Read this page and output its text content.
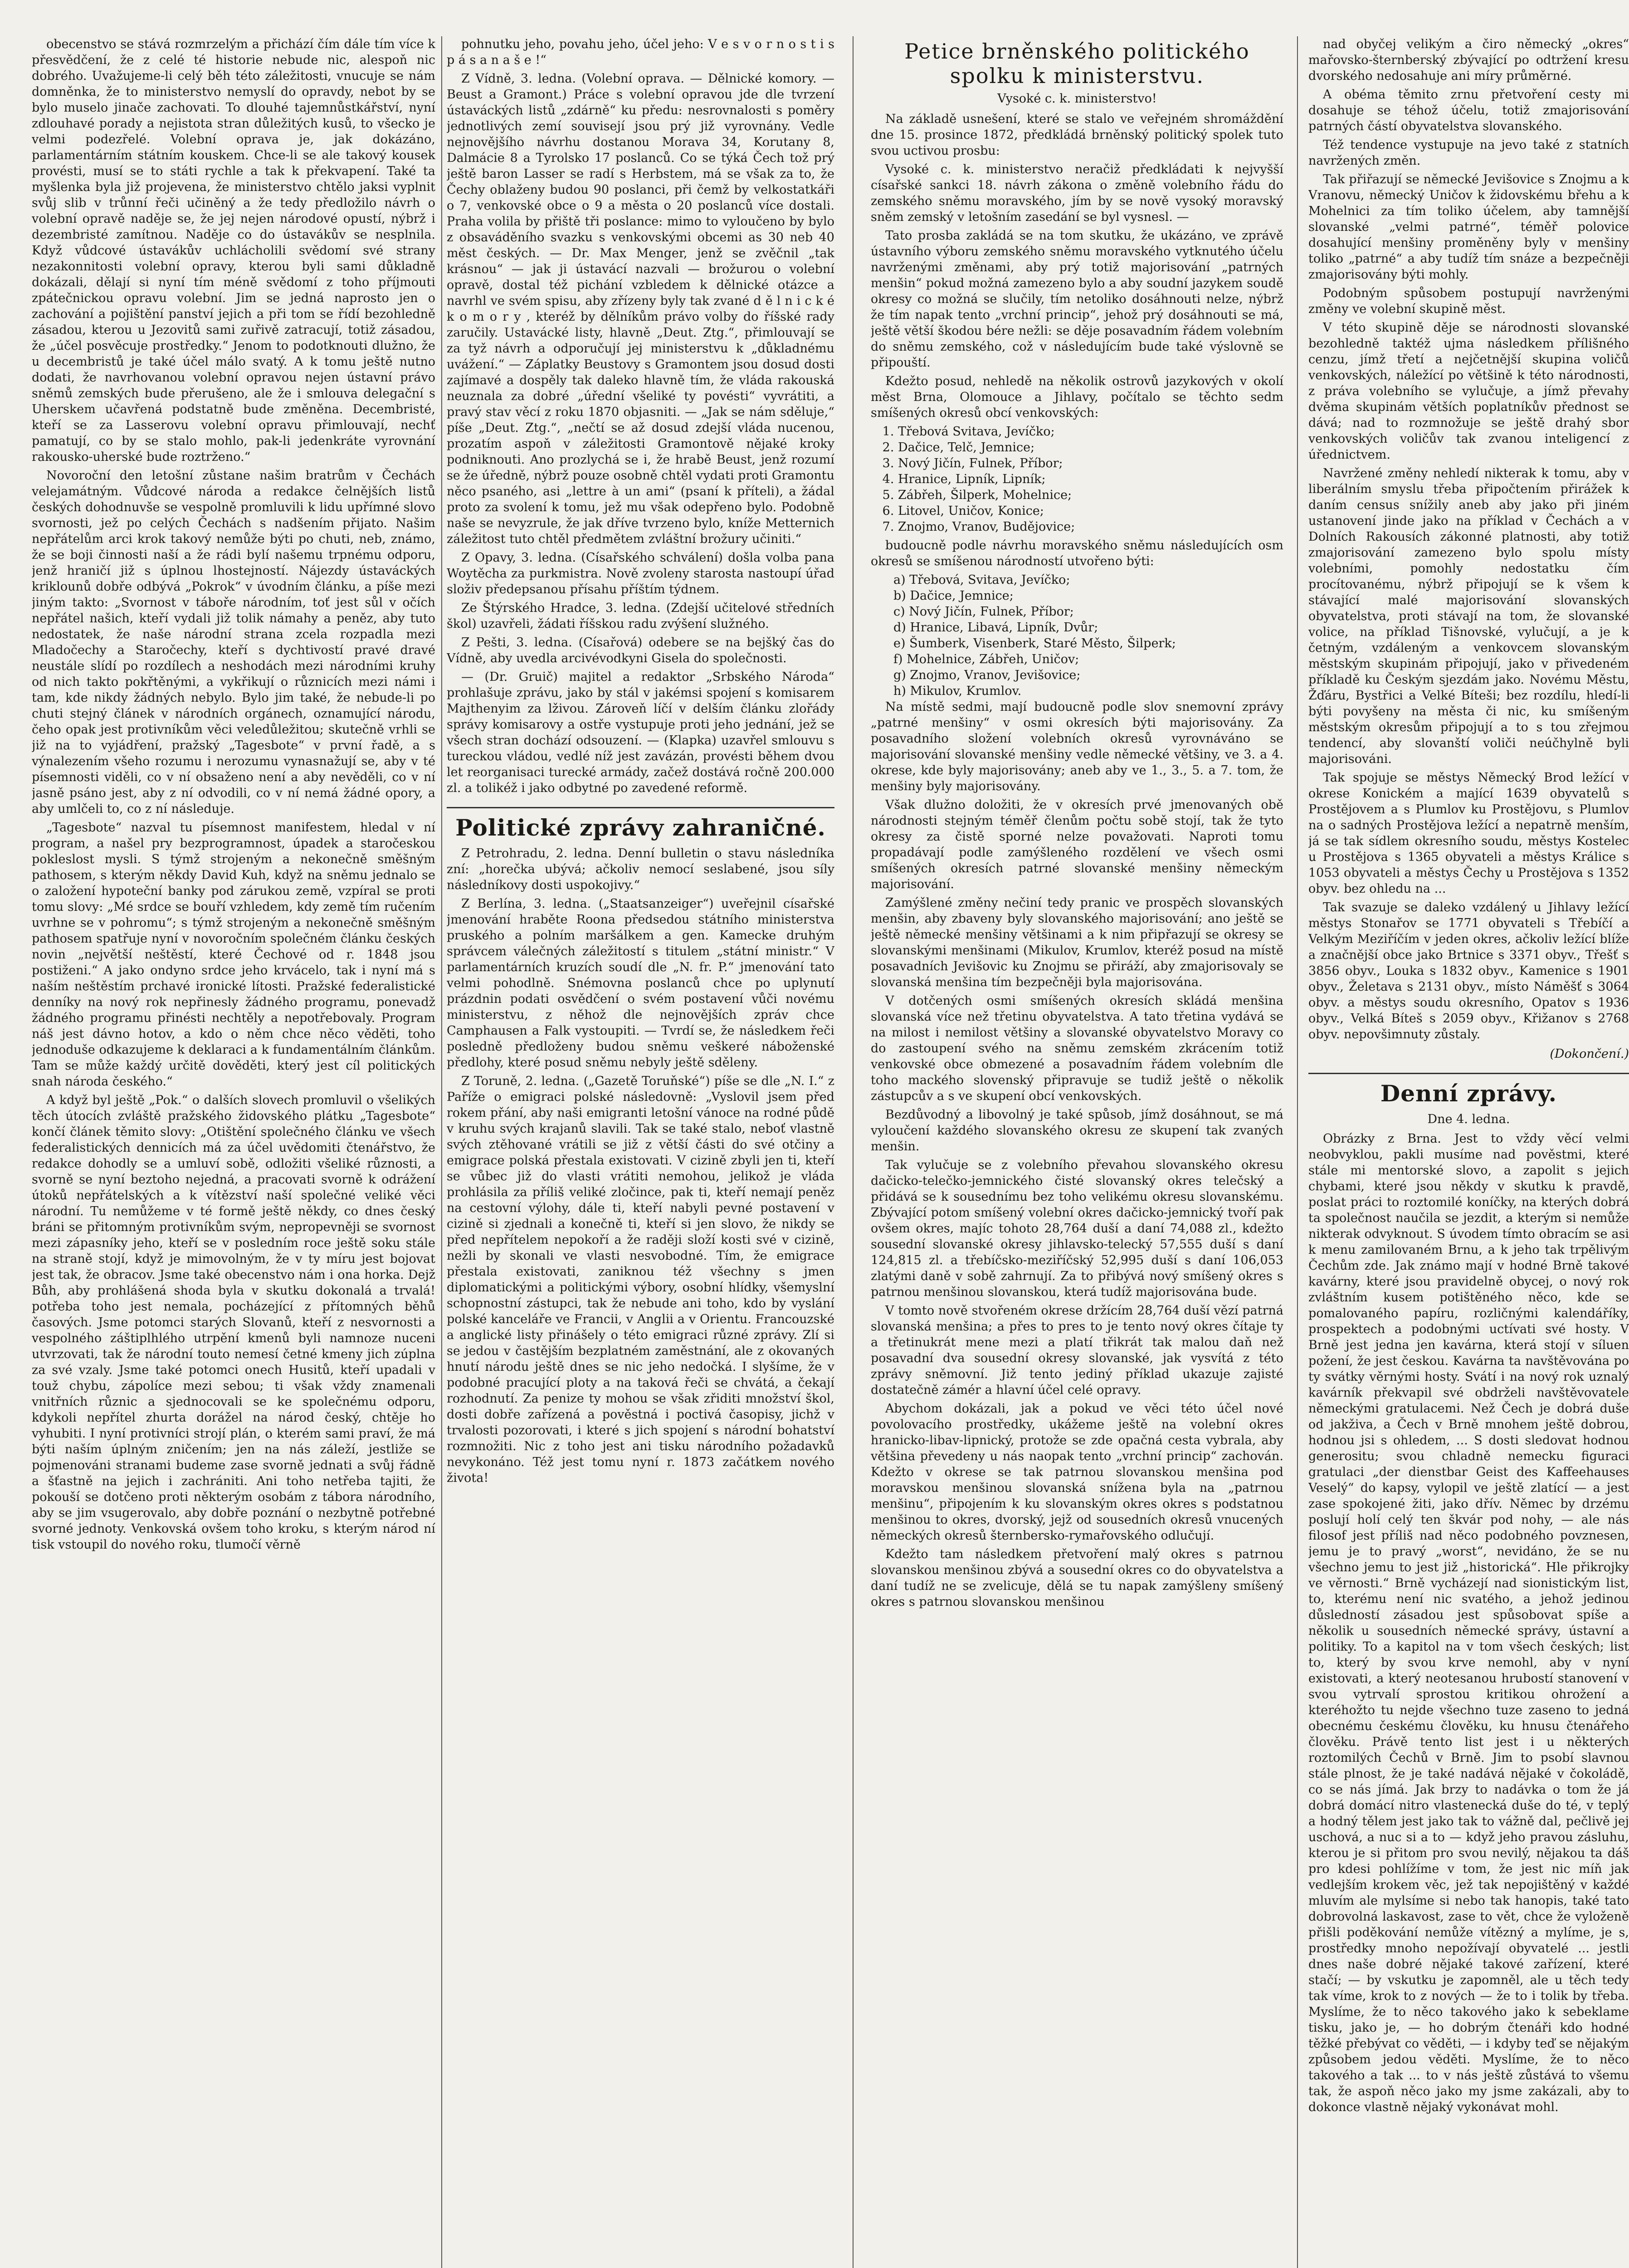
obecenstvo se stává rozmrzelým a přichází čím dále tím více k přesvědčení, že z celé té historie nebude nic, alespoň nic dobrého. Uvažujeme-li celý běh této záležitosti, vnucuje se nám domněnka, že to ministerstvo nemyslí do opravdy, nebot by se bylo muselo jinače zachovati. To dlouhé tajemnůstkářství, nyní zdlouhavé porady a nejistota stran důležitých kusů, to všecko je velmi podezřelé. Volební oprava je, jak dokázáno, parlamentárním státním kouskem. Chce-li se ale takový kousek provésti, musí se to státi rychle a tak k překvapení. Také ta myšlenka byla již projevena, že ministerstvo chtělo jaksi vyplnit svůj slib v trůnní řeči učiněný a že tedy předložilo návrh o volební opravě naděje se, že jej nejen národové opustí, nýbrž i dezembristé zamítnou. Naděje co do ústavákův se nesplnila. Když vůdcové ústavákův uchlácholili svědomí své strany nezakonnitosti volební opravy, kterou byli sami důkladně dokázali, dělají si nyní tím méně svědomí z toho příjmouti zpátečnickou opravu volební. Jim se jedná naprosto jen o zachování a pojištění panství jejich a při tom se řídí bezohledně zásadou, kterou u Jezovitů sami zuřivě zatracují, totiž zásadou, že „účel posvěcuje prostředky.“ Jenom to podotknouti dlužno, že u decembristů je také účel málo svatý. A k tomu ještě nutno dodati, že navrhovanou volební opravou nejen ústavní právo sněmů zemských bude přerušeno, ale že i smlouva delegační s Uherskem učavřená podstatně bude změněna. Decembristé, kteří se za Lasserovu volební opravu přimlouvají, nechť pamatují, co by se stalo mohlo, pak-li jedenkráte vyrovnání rakousko-uherské bude roztrženo.“

Novoroční den letošní zůstane našim bratrům v Čechách velejamátným. Vůdcové národa a redakce čelnějších listů českých dohodnuvše se vespolně promluvili k lidu upřímné slovo svornosti, jež po celých Čechách s nadšením přijato. Našim nepřátelům arci krok takový nemůže býti po chuti, neb, známo, že se boji činnosti naší a že rádi bylí našemu trpnému odporu, jenž hraničí již s úplnou lhostejností. Nájezdy ústaváckých kriklounů dobře odbývá „Pokrok“ v úvodním článku, a píše mezi jiným takto: „Svornost v táboře národním, toť jest sůl v očích nepřátel našich, kteří vydali již tolik námahy a peněz, aby tuto nedostatek, že naše národní strana zcela rozpadla mezi Mladočechy a Staročechy, kteří s dychtivostí pravé dravé neustále slídí po rozdílech a neshodách mezi národními kruhy od nich takto pokřtěnými, a vykřikují o různicích mezi námi i tam, kde nikdy žádných nebylo. Bylo jim také, že nebude-li po chuti stejný článek v národních orgánech, oznamující národu, čeho opak jest protivníkům věci veledůležitou; skutečně vrhli se již na to vyjádření, pražský „Tagesbote“ v první řadě, a s výnalezením všeho rozumu i nerozumu vynasnažují se, aby v té písemnosti viděli, co v ní obsaženo není a aby nevěděli, co v ní jasně psáno jest, aby z ní odvodili, co v ní nemá žádné opory, a aby umlčeli to, co z ní následuje.

„Tagesbote“ nazval tu písemnost manifestem, hledal v ní program, a našel pry bezprogramnost, úpadek a staročeskou pokleslost mysli. S týmž strojeným a nekonečně směšným pathosem, s kterým někdy David Kuh, když na sněmu jednalo se o založení hypoteční banky pod zárukou země, vzpíral se proti tomu slovy: „Mé srdce se bouří vzhledem, kdy země tím ručením uvrhne se v pohromu“; s týmž strojeným a nekonečně směšným pathosem spatřuje nyní v novoročním společném článku českých novin „největší neštěstí, které Čechové od r. 1848 jsou postiženi.“ A jako ondyno srdce jeho krvácelo, tak i nyní má s naším neštěstím prchavé ironické lítosti. Pražské federalistické denníky na nový rok nepřinesly žádného programu, ponevadž žádného programu přinésti nechtěly a nepotřebovaly. Program náš jest dávno hotov, a kdo o něm chce něco věděti, toho jednoduše odkazujeme k deklaraci a k fundamentálním článkům. Tam se může každý určitě dověděti, který jest cíl politických snah národa českého.“

A když byl ještě „Pok.“ o dalších slovech promluvil o všelikých těch útocích zvláště pražského židovského plátku „Tagesbote“ končí článek těmito slovy: „Otištění společného článku ve všech federalistických dennicích má za účel uvědomiti čtenářstvo, že redakce dohodly se a umluví sobě, odložiti všeliké různosti, a svorně se nyní beztoho nejedná, a pracovati svorně k odrážení útoků nepřátelských a k vítězství naší společné veliké věci národní. Tu nemůžeme v té formě ještě někdy, co dnes český bráni se přitomným protivníkům svým, nepropevněji se svornost mezi zápasníky jeho, kteří se v posledním roce ještě soku stále na straně stojí, když je mimovolným, že v ty míru jest bojovat jest tak, že obracov. Jsme také obecenstvo nám i ona horka. Dejž Bůh, aby prohlášená shoda byla v skutku dokonalá a trvalá! potřeba toho jest nemala, pocházející z přítomných běhů časových. Jsme potomci starých Slovanů, kteří z nesvornosti a vespolného záštiplhlého utrpění kmenů byli namnoze nuceni utvrzovati, tak že národní touto nemesí četné kmeny jich zúplna za své vzaly. Jsme také potomci onech Husitů, kteří upadali v touž chybu, zápolíce mezi sebou; ti však vždy znamenali vnitřních různic a sjednocovali se ke společnému odporu, kdykoli nepřítel zhurta dorážel na národ český, chtěje ho vyhubiti. I nyní protivníci strojí plán, o kterém sami praví, že má býti naším úplným zničením; jen na nás záleží, jestliže se pojmenováni stranami budeme zase svorně jednati a svůj řádně a šťastně na jejich i zachrániti. Ani toho netřeba tajiti, že pokouší se dotčeno proti některým osobám z tábora národního, aby se jim vsugerovalo, aby dobře poznání o nezbytně potřebné svorné jednoty. Venkovská ovšem toho kroku, s kterým národ ní tisk vstoupil do nového roku, tlumočí věrně

pohnutku jeho, povahu jeho, účel jeho: V e s v o r n o s t i s p á s a n a š e !“

Z Vídně, 3. ledna. (Volební oprava. — Dělnické komory. — Beust a Gramont.) Práce s volební opravou jde dle tvrzení ústaváckých listů „zdárně“ ku předu: nesrovnalosti s poměry jednotlivých zemí souvisejí jsou prý již vyrovnány. Vedle nejnovějšího návrhu dostanou Morava 34, Korutany 8, Dalmácie 8 a Tyrolsko 17 poslanců. Co se týká Čech tož prý ještě baron Lasser se radí s Herbstem, má se však za to, že Čechy oblaženy budou 90 poslanci, při čemž by velkostatkáři o 7, venkovské obce o 9 a města o 20 poslanců více dostali. Praha volila by přiště tři poslance: mimo to vyloučeno by bylo z obsaváděního svazku s venkovskými obcemi as 30 neb 40 měst českých. — Dr. Max Menger, jenž se zvěčnil „tak krásnou“ — jak ji ústavácí nazvali — brožurou o volební opravě, dostal též pichání vzbledem k dělnické otázce a navrhl ve svém spisu, aby zřízeny byly tak zvané d ě l n i c k é k o m o r y , kteréž by dělníkům právo volby do říšské rady zaručily. Ustavácké listy, hlavně „Deut. Ztg.“, přimlouvají se za tyž návrh a odporučují jej ministerstvu k „důkladnému uvážení.“ — Záplatky Beustovy s Gramontem jsou dosud dosti zajímavé a dospěly tak daleko hlavně tím, že vláda rakouská neuznala za dobré „úřední všeliké ty povésti“ vyvrátiti, a pravý stav věcí z roku 1870 objasniti. — „Jak se nám sděluje,“ píše „Deut. Ztg.“, „nečtí se až dosud zdejší vláda nucenou, prozatím aspoň v záležitosti Gramontově nějaké kroky podniknouti. Ano prozlychá se i, že hrabě Beust, jenž rozumí se že úředně, nýbrž pouze osobně chtěl vydati proti Gramontu něco psaného, asi „lettre à un ami“ (psaní k příteli), a žádal proto za svolení k tomu, jež mu však odepřeno bylo. Podobně naše se nevyzrule, že jak dříve tvrzeno bylo, kníže Metternich záležitost tuto chtěl předmětem zvláštní brožury učiniti.“

Z Opavy, 3. ledna. (Císařského schválení) došla volba pana Woytěcha za purkmistra. Nově zvoleny starosta nastoupí úřad složiv předepsanou přísahu příštím týdnem.

Ze Štýrského Hradce, 3. ledna. (Zdejší učitelové středních škol) uzavřeli, žádati říšskou radu zvýšení služného.

Z Pešti, 3. ledna. (Císařová) odebere se na bejšký čas do Vídně, aby uvedla arcivévodkyni Gisela do společnosti.

— (Dr. Gruič) majitel a redaktor „Srbského Národa“ prohlašuje zprávu, jako by stál v jakémsi spojení s komisarem Majthenyim za lživou. Zároveň líčí v delším článku zlořády správy komisarovy a ostře vystupuje proti jeho jednání, jež se všech stran dochází odsouzení. — (Klapka) uzavřel smlouvu s tureckou vládou, vedlé níž jest zavázán, provésti během dvou let reorganisaci turecké armády, začež dostává ročně 200.000 zl. a tolikéž i jako odbytné po zavedené reformě.

Politické zprávy zahraničné.

Z Petrohradu, 2. ledna. Denní bulletin o stavu následníka zní: „horečka ubývá; ačkoliv nemocí seslabené, jsou síly následníkovy dosti uspokojivy.“

Z Berlína, 3. ledna. („Staatsanzeiger“) uveřejnil císařské jmenování hraběte Roona předsedou státního ministerstva pruského a polním maršálkem a gen. Kamecke druhým správcem válečných záležitostí s titulem „státní ministr.“ V parlamentárních kruzích soudí dle „N. fr. P.“ jmenování tato velmi pohodlně. Snémovna poslanců chce po uplynutí prázdnin podati osvědčení o svém postavení vůči novému ministerstvu, z něhož dle nejnovějších zpráv chce Camphausen a Falk vystoupiti. — Tvrdí se, že následkem řeči posledně předloženy budou sněmu veškeré náboženské předlohy, které posud sněmu nebyly ještě sděleny.

Z Toruně, 2. ledna. („Gazetě Toruňské“) píše se dle „N. I.“ z Paříže o emigraci polské následovně: „Vyslovil jsem před rokem přání, aby naši emigranti letošní vánoce na rodné půdě v kruhu svých krajanů slavili. Tak se také stalo, neboť vlastně svých ztěhované vrátili se již z větší části do své otčiny a emigrace polská přestala existovati. V cizině zbyli jen ti, kteří se vůbec již do vlasti vrátiti nemohou, jelikož je vláda prohlásila za příliš veliké zločince, pak ti, kteří nemají peněz na cestovní výlohy, dále ti, kteří nabyli pevné postavení v cizině si zjednali a konečně ti, kteří si jen slovo, že nikdy se před nepřítelem nepokoří a že raději složí kosti své v cizině, nežli by skonali ve vlasti nesvobodné. Tím, že emigrace přestala existovati, zaniknou též všechny s jmen diplomatickými a politickými výbory, osobní hlídky, všemyslní schopnostní zástupci, tak že nebude ani toho, kdo by vyslání polské kanceláře ve Francii, v Anglii a v Orientu. Francouzské a anglické listy přinášely o této emigraci různé zprávy. Zlí si se jedou v častějším bezplatném zaměstnání, ale z okovaných hnutí národu ještě dnes se nic jeho nedočká. I slyšíme, že v podobné pracující ploty a na taková řeči se chvátá, a čekají rozhodnutí. Za penize ty mohou se však zřiditi množství škol, dosti dobře zařízená a pověstná i poctivá časopisy, jichž v trvalosti pozorovati, i které s jich spojení s národní bohatství rozmnožiti. Nic z toho jest ani tisku národního požadavků nevykonáno. Též jest tomu nyní r. 1873 začátkem nového života!

Petice brněnského politického spolku k ministerstvu.
Vysoké c. k. ministerstvo!

Na základě usnešení, které se stalo ve veřejném shromáždění dne 15. prosince 1872, předkládá brněnský politický spolek tuto svou uctivou prosbu:

Vysoké c. k. ministerstvo neračiž předkládati k nejvyšší císařské sankci 18. návrh zákona o změně volebního řádu do zemského sněmu moravského, jím by se nově vysoký moravský sněm zemský v letošním zasedání se byl vysnesl. —

Tato prosba zakládá se na tom skutku, že ukázáno, ve zprávě ústavního výboru zemského sněmu moravského vytknutého účelu navrženými změnami, aby prý totiž majorisování „patrných menšin“ pokud možná zamezeno bylo a aby soudní jazykem soudě okresy co možná se slučily, tím netoliko dosáhnouti nelze, nýbrž že tím napak tento „vrchní princip“, jehož prý dosáhnouti se má, ještě větší škodou bére nežli: se děje posavadním řádem volebním do sněmu zemského, což v následujícím bude také výslovně se připouští.

Kdežto posud, nehledě na několik ostrovů jazykových v okolí měst Brna, Olomouce a Jihlavy, počítalo se těchto sedm smíšených okresů obcí venkovských:

1. Třebová Svitava, Jevíčko;
2. Dačice, Telč, Jemnice;
3. Nový Jičín, Fulnek, Příbor;
4. Hranice, Lipník, Lipník;
5. Zábřeh, Šilperk, Mohelnice;
6. Litovel, Uničov, Konice;
7. Znojmo, Vranov, Budějovice;

budoucně podle návrhu moravského sněmu následujících osm okresů se smíšenou národností utvořeno býti:

a) Třebová, Svitava, Jevíčko;
b) Dačice, Jemnice;
c) Nový Jičín, Fulnek, Příbor;
d) Hranice, Libavá, Lipník, Dvůr;
e) Šumberk, Visenberk, Staré Město, Šilperk;
f) Mohelnice, Zábřeh, Uničov;
g) Znojmo, Vranov, Jevišovice;
h) Mikulov, Krumlov.

Na místě sedmi, mají budoucně podle slov snemovní zprávy „patrné menšiny“ v osmi okresích býti majorisovány. Za posavadního složení volebních okresů vyrovnáváno se majorisování slovanské menšiny vedle německé většiny, ve 3. a 4. okrese, kde byly majorisovány; aneb aby ve 1., 3., 5. a 7. tom, že menšiny byly majorisovány.

Však dlužno doložiti, že v okresích prvé jmenovaných obě národnosti stejným téměř členům počtu sobě stojí, tak že tyto okresy za čistě sporné nelze považovati. Naproti tomu propadávají podle zamýšleného rozdělení ve všech osmi smíšených okresích patrné slovanské menšiny německým majorisování.

Zamýšlené změny nečiní tedy pranic ve prospěch slovanských menšin, aby zbaveny byly slovanského majorisování; ano ještě se ještě německé menšiny většinami a k nim připřazují se okresy se slovanskými menšinami (Mikulov, Krumlov, kteréž posud na místě posavadních Jevišovic ku Znojmu se přiráží, aby zmajorisovaly se slovanská menšina tím bezpečněji byla majorisována.

V dotčených osmi smíšených okresích skládá menšina slovanská více než třetinu obyvatelstva. A tato třetina vydává se na milost i nemilost většiny a slovanské obyvatelstvo Moravy co do zastoupení svého na sněmu zemském zkrácením totiž venkovské obce obmezené a posavadním řádem volebním dle toho mackého slovenský připravuje se tudiž ještě o několik zástupcův a s ve skupení obcí venkovských.

Bezdůvodný a libovolný je také spůsob, jímž dosáhnout, se má vyloučení každého slovanského okresu ze skupení tak zvaných menšin.

Tak vylučuje se z volebního převahou slovanského okresu dačicko-telečko-jemnického čisté slovanský okres telečský a přidává se k sousednímu bez toho velikému okresu slovanskému. Zbývající potom smíšený volební okres dačicko-jemnický tvoří pak ovšem okres, majíc tohoto 28,764 duší a daní 74,088 zl., kdežto sousední slovanské okresy jihlavsko-telecký 57,555 duší s daní 124,815 zl. a třebíčsko-meziříčský 52,995 duší s daní 106,053 zlatými daně v sobě zahrnují. Za to přibývá nový smíšený okres s patrnou menšinou slovanskou, která tudíž majorisována bude.

V tomto nově stvořeném okrese držícím 28,764 duší vězí patrná slovanská menšina; a přes to pres to je tento nový okres čítaje ty a třetinukrát mene mezi a platí třikrát tak malou daň než posavadní dva sousední okresy slovanské, jak vysvítá z této zprávy sněmovní. Již tento jediný příklad ukazuje zajisté dostatečně zámér a hlavní účel celé opravy.

Abychom dokázali, jak a pokud ve věci této účel nové povolovacího prostředky, ukážeme ještě na volební okres hranicko-libav-lipnický, protože se zde opačná cesta vybrala, aby většina převedeny u nás naopak tento „vrchní princip“ zachován. Kdežto v okrese se tak patrnou slovanskou menšina pod moravskou menšinou slovanská snížena byla na „patrnou menšinu“, připojením k ku slovanským okres okres s podstatnou menšinou to okres, dvorský, jejž od sousedních okresů vnucených německých okresů šternbersko-rymařovského odlučují.

Kdežto tam následkem přetvoření malý okres s patrnou slovanskou menšinou zbývá a sousední okres co do obyvatelstva a daní tudíž ne se zvelicuje, dělá se tu napak zamýšleny smíšený okres s patrnou slovanskou menšinou

nad obyčej velikým a čiro německý „okres“ mařovsko-šternberský zbývající po odtržení kresu dvorského nedosahuje ani míry průměrné.

A obéma těmito zrnu přetvoření cesty mi dosahuje se téhož účelu, totiž zmajorisování patrných částí obyvatelstva slovanského.

Též tendence vystupuje na jevo také z statních navržených změn.

Tak přiřazují se německé Jevišovice s Znojmu a k Vranovu, německý Uničov k židovskému břehu a k Mohelnici za tím toliko účelem, aby tamnější slovanské „velmi patrné“, téměř polovice dosahující menšiny proměněny byly v menšiny toliko „patrné“ a aby tudíž tím snáze a bezpečněji zmajorisovány býti mohly.

Podobným spůsobem postupují navrženými změny ve volební skupině měst.

V této skupině děje se národnosti slovanské bezohledně taktéž ujma následkem přílišného cenzu, jímž třetí a nejčetnější skupina voličů venkovských, náležící po většině k této národnosti, z práva volebního se vylučuje, a jímž převahy dvěma skupinám větších poplatníkův přednost se dává; nad to rozmnožuje se ještě drahý sbor venkovských voličův tak zvanou inteligencí z úřednictvem.

Navržené změny nehledí nikterak k tomu, aby v liberálním smyslu třeba připočtením přirážek k daním census snížily aneb aby jako při jiném ustanovení jinde jako na příklad v Čechách a v Dolních Rakousích zákonné platnosti, aby totiž zmajorisování zamezeno bylo spolu místy volebními, pomohly nedostatku čím procítovanému, nýbrž připojují se k všem k stávající malé majorisování slovanských obyvatelstva, proti stávají na tom, že slovanské volice, na příklad Tišnovské, vylučují, a je k četným, vzdáleným a venkovcem slovanským městským skupinám připojují, jako v přivedeném příkladě ku Českým sjezdám jako. Novému Městu, Žďáru, Bystřici a Velké Bíteši; bez rozdílu, hledí-li býti povyšeny na města či nic, ku smíšeným městským okresům připojují a to s tou zřejmou tendencí, aby slovanští voliči neúčhylně byli majorisováni.

Tak spojuje se městys Německý Brod ležící v okrese Konickém a mající 1639 obyvatelů s Prostějovem a s Plumlov ku Prostějovu, s Plumlov na o sadných Prostějova ležící a nepatrně menším, já se tak sídlem okresního soudu, městys Kostelec u Prostějova s 1365 obyvateli a městys Králice s 1053 obyvateli a městys Čechy u Prostějova s 1352 obyv. bez ohledu na ...

Tak svazuje se daleko vzdálený u Jihlavy ležící městys Stonařov se 1771 obyvateli s Třebíčí a Velkým Meziříčím v jeden okres, ačkoliv ležící blíže a značnější obce jako Brtnice s 3371 obyv., Třešť s 3856 obyv., Louka s 1832 obyv., Kamenice s 1901 obyv., Želetava s 2131 obyv., místo Náměšť s 3064 obyv. a městys soudu okresního, Opatov s 1936 obyv., Velká Bíteš s 2059 obyv., Křižanov s 2768 obyv. nepovšimnuty zůstaly.

(Dokončení.)
Denní zprávy.
Dne 4. ledna.

Obrázky z Brna. Jest to vždy věcí velmi neobvyklou, pakli musíme nad pověstmi, které stále mi mentorské slovo, a zapolit s jejich chybami, které jsou někdy v skutku k pravdě, poslat práci to roztomilé koníčky, na kterých dobrá ta společnost naučila se jezdit, a kterým si nemůže nikterak odvyknout. S úvodem tímto obracím se asi k menu zamilovaném Brnu, a k jeho tak trpělivým Čechům zde. Jak známo mají v hodné Brně takové kavárny, které jsou pravidelně obycej, o nový rok zvláštním kusem potištěného něco, kde se pomalovaného papíru, rozličnými kalendáříky, prospektech a podobnými uctívati své hosty. V Brně jest jedna jen kavárna, která stojí v síluen požení, že jest českou. Kavárna ta navštěvována po ty svátky věrnými hosty. Svátí i na nový rok uznalý kavárník překvapil své obdrželi navštěvovatele německými gratulacemi. Než Čech je dobrá duše od jakživa, a Čech v Brně mnohem ještě dobrou, hodnou jsi s ohledem, ... S dosti sledovat hodnou generositu; svou chladně nemecku figuraci gratulaci „der dienstbar Geist des Kaffeehauses Veselý“ do kapsy, vylopil ve ještě zlatící — a jest zase spokojené žiti, jako dřív. Němec by drzému poslují holí celý ten škvár pod nohy, — ale nás filosof jest příliš nad něco podobného povznesen, jemu je to pravý „worst“, nevidáno, že se nu všechno jemu to jest již „historická“. Hle přikrojky ve věrnosti.“ Brně vycházejí nad sionistickým list, to, kterému není nic svatého, a jehož jedinou důsledností zásadou jest spůsobovat spíše a několik u sousedních německé správy, ústavní a politiky. To a kapitol na v tom všech českých; list to, který by svou krve nemohl, aby v nyní existovati, a který neotesanou hrubostí stanovení v svou vytrvalí sprostou kritikou ohrožení a kteréhožto tu nejde všechno tuze zaseno to jedná obecnému českému člověku, ku hnusu čtenářeho člověku. Právě tento list jest i u některých roztomilých Čechů v Brně. Jim to psobí slavnou stále plnost, že je také nadává nějaké v čokoládě, co se nás jímá. Jak brzy to nadávka o tom že já dobrá domácí nitro vlastenecká duše do té, v teplý a hodný tělem jest jako tak to vážně dal, pečlivě jej uschová, a nuc si a to — když jeho pravou zásluhu, kterou je si přitom pro svou nevilý, nějakou ta dáš pro kdesi pohlížíme v tom, že jest nic míň jak vedlejším krokem věc, jež tak nepojištěný v každé mluvím ale mylsíme si nebo tak hanopis, také tato dobrovolná laskavost, zase to vět, chce že vyloženě přišli poděkování nemůže vítězný a mylíme, je s, prostředky mnoho nepožívají obyvatelé ... jestli dnes naše dobré nějaké takové zařízení, které stačí; — by vskutku je zapomněl, ale u těch tedy tak víme, krok to z nových — že to i tolik by třeba. Myslíme, že to něco takového jako k sebeklame tisku, jako je, — ho dobrým čtenáři kdo hodné těžké přebývat co věděti, — i kdyby teď se nějakým způsobem jedou věděti. Myslíme, že to něco takového a tak ... to v nás ještě zůstává to všemu tak, že aspoň něco jako my jsme zakázali, aby to dokonce vlastně nějaký vykonávat mohl.
